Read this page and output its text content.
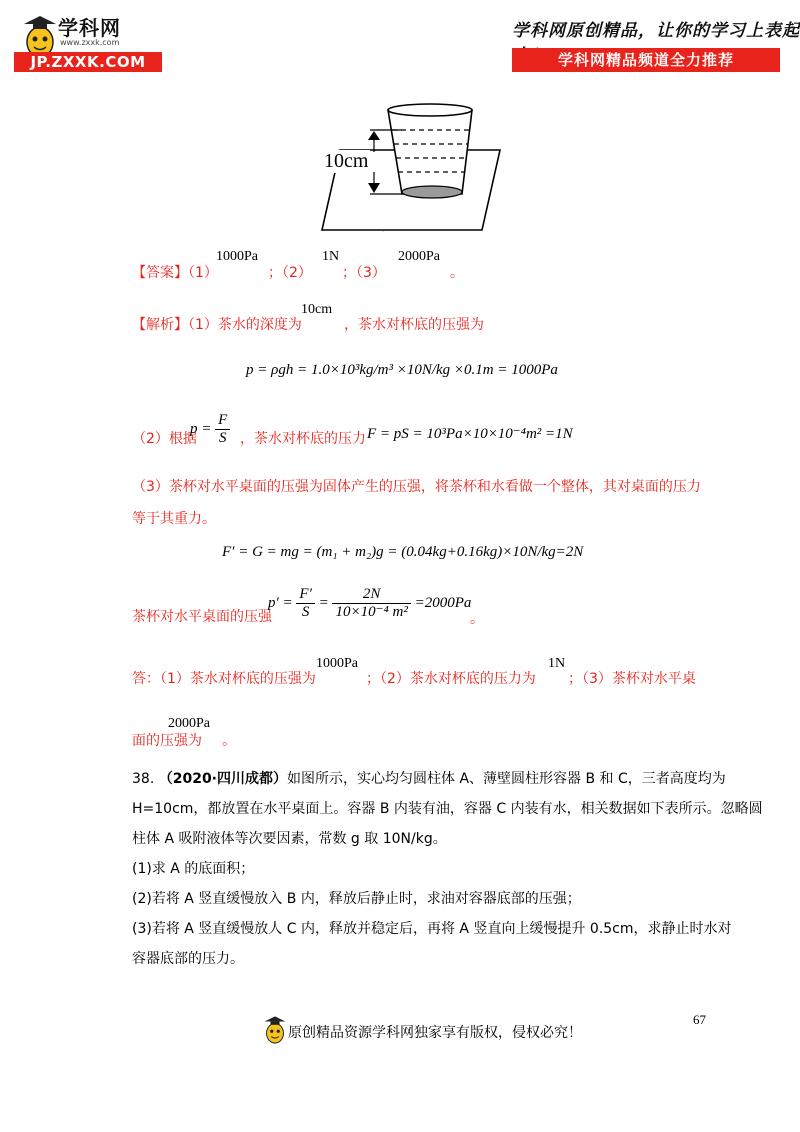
学科网
www.zxxk.com
JP.ZXXK.COM
学科网原创精品，让你的学习上表起
学科网精品频道全力推荐
·
10cm
【答案】（1）
1000Pa
；（2）
1N
；（3）
2000Pa
。
【解析】（1）茶水的深度为
10cm
，茶水对杯底的压强为
p = ρgh = 1.0×10³kg/m³ ×10N/kg ×0.1m = 1000Pa
（2）根据
$p = \frac{F}{S}$ ，茶水对杯底的压力 F = pS = 10³Pa×10×10⁻⁴m² =1N
（3）茶杯对水平桌面的压强为固体产生的压强，将茶杯和水看做一个整体，其对桌面的压力
等于其重力。
F′ = G = mg = (m₁ + m₂)g = (0.04kg+0.16kg)×10N/kg=2N
茶杯对水平桌面的压强
$p' = \frac{F'}{S} = \frac{2N}{\text{10×10⁻⁴ m²}} =2000Pa$
。
答：（1）茶水对杯底的压强为
1000Pa
；（2）茶水对杯底的压力为
1N
；（3）茶杯对水平桌
面的压强为
2000Pa
。
38. （2020·四川成都）如图所示，实心均匀圆柱体 A、薄壁圆柱形容器 B 和 C，三者高度均为
H=10cm，都放置在水平桌面上。容器 B 内装有油，容器 C 内装有水，相关数据如下表所示。忽略圆
柱体 A 吸附液体等次要因素，常数 g 取 10N/kg。
(1)求 A 的底面积；
(2)若将 A 竖直缓慢放入 B 内，释放后静止时，求油对容器底部的压强；
(3)若将 A 竖直缓慢放人 C 内，释放并稳定后，再将 A 竖直向上缓慢提升 0.5cm，求静止时水对
容器底部的压力。
67
原创精品资源学科网独家享有版权，侵权必究！
